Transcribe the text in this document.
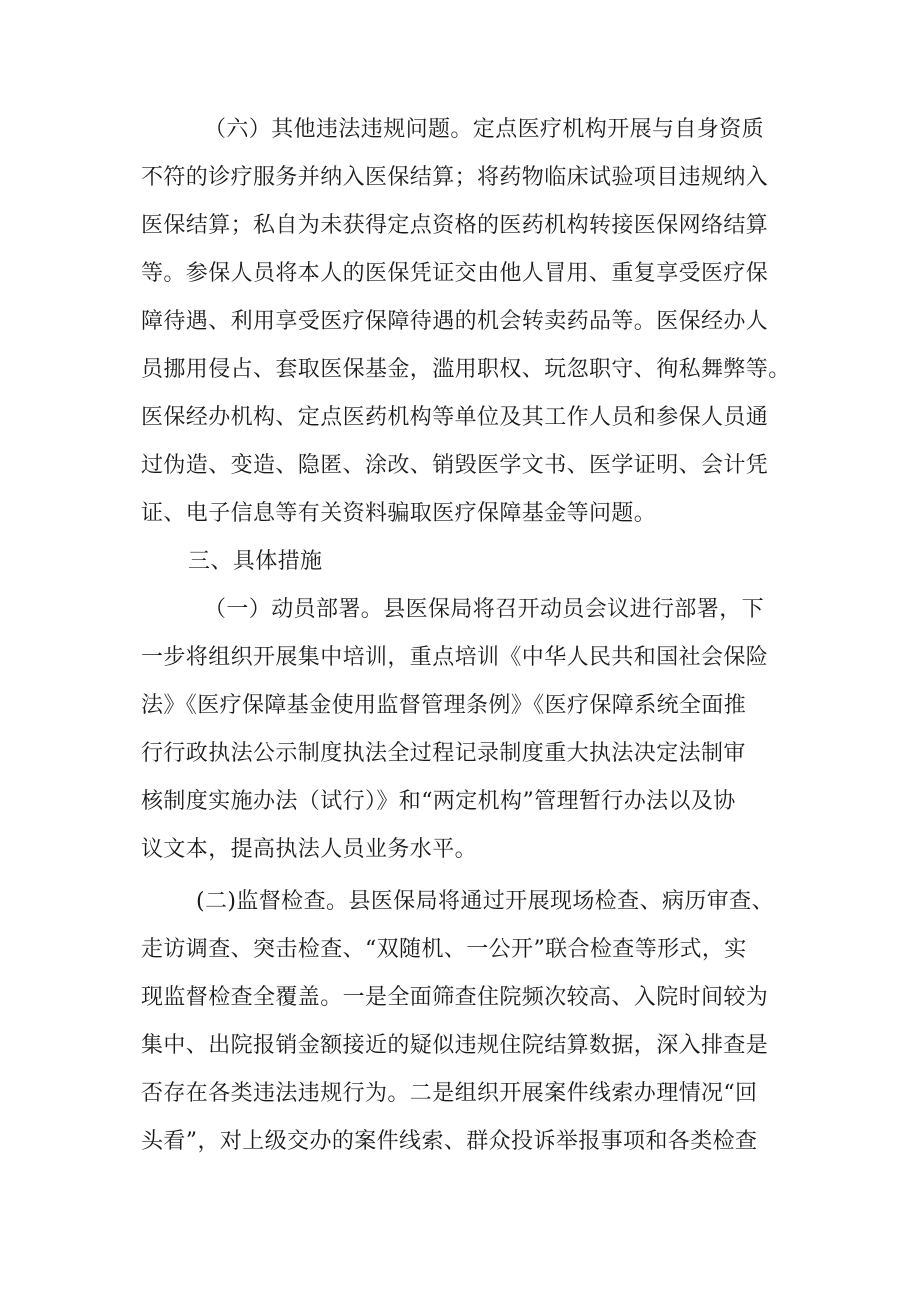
（六）其他违法违规问题。定点医疗机构开展与自身资质
不符的诊疗服务并纳入医保结算；将药物临床试验项目违规纳入
医保结算；私自为未获得定点资格的医药机构转接医保网络结算
等。参保人员将本人的医保凭证交由他人冒用、重复享受医疗保
障待遇、利用享受医疗保障待遇的机会转卖药品等。医保经办人
员挪用侵占、套取医保基金，滥用职权、玩忽职守、徇私舞弊等。
医保经办机构、定点医药机构等单位及其工作人员和参保人员通
过伪造、变造、隐匿、涂改、销毁医学文书、医学证明、会计凭
证、电子信息等有关资料骗取医疗保障基金等问题。
三、具体措施
（一）动员部署。县医保局将召开动员会议进行部署，下
一步将组织开展集中培训，重点培训《中华人民共和国社会保险
法》《医疗保障基金使用监督管理条例》《医疗保障系统全面推
行行政执法公示制度执法全过程记录制度重大执法决定法制审
核制度实施办法（试行）》和“两定机构”管理暂行办法以及协
议文本，提高执法人员业务水平。
(二)监督检查。县医保局将通过开展现场检查、病历审查、
走访调查、突击检查、“双随机、一公开”联合检查等形式，实
现监督检查全覆盖。一是全面筛查住院频次较高、入院时间较为
集中、出院报销金额接近的疑似违规住院结算数据，深入排查是
否存在各类违法违规行为。二是组织开展案件线索办理情况“回
头看”，对上级交办的案件线索、群众投诉举报事项和各类检查
